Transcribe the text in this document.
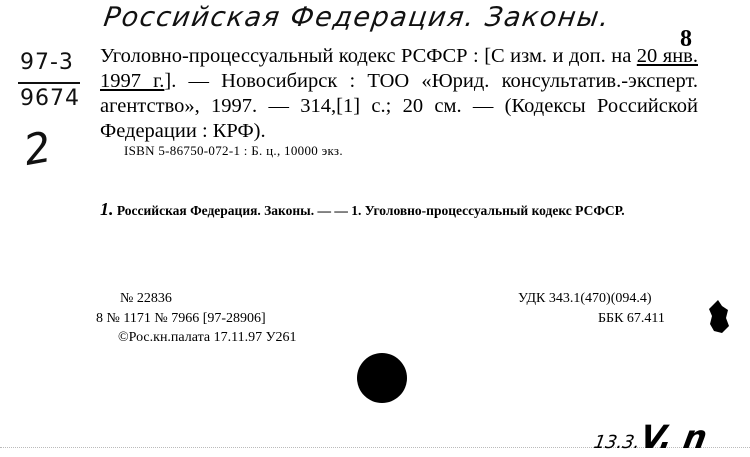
Российская Федерация. Законы.
8
97-3
9674
2
Уголовно-процессуальный кодекс РСФСР : [С изм. и доп. на 20 янв. 1997 г.]. — Новосибирск : ТОО «Юрид. консультатив.-эксперт. агентство», 1997. — 314,[1] с.; 20 см. — (Кодексы Российской Федерации : КРФ).
ISBN 5-86750-072-1 : Б. ц., 10000 экз.
1. Российская Федерация. Законы. — — 1. Уголовно-процессуальный кодекс РСФСР.
№ 22836
8 № 1171 № 7966 [97-28906]
©Рос.кн.палата 17.11.97 У261
УДК 343.1(470)(094.4)
ББК 67.411
13.3.V. n
